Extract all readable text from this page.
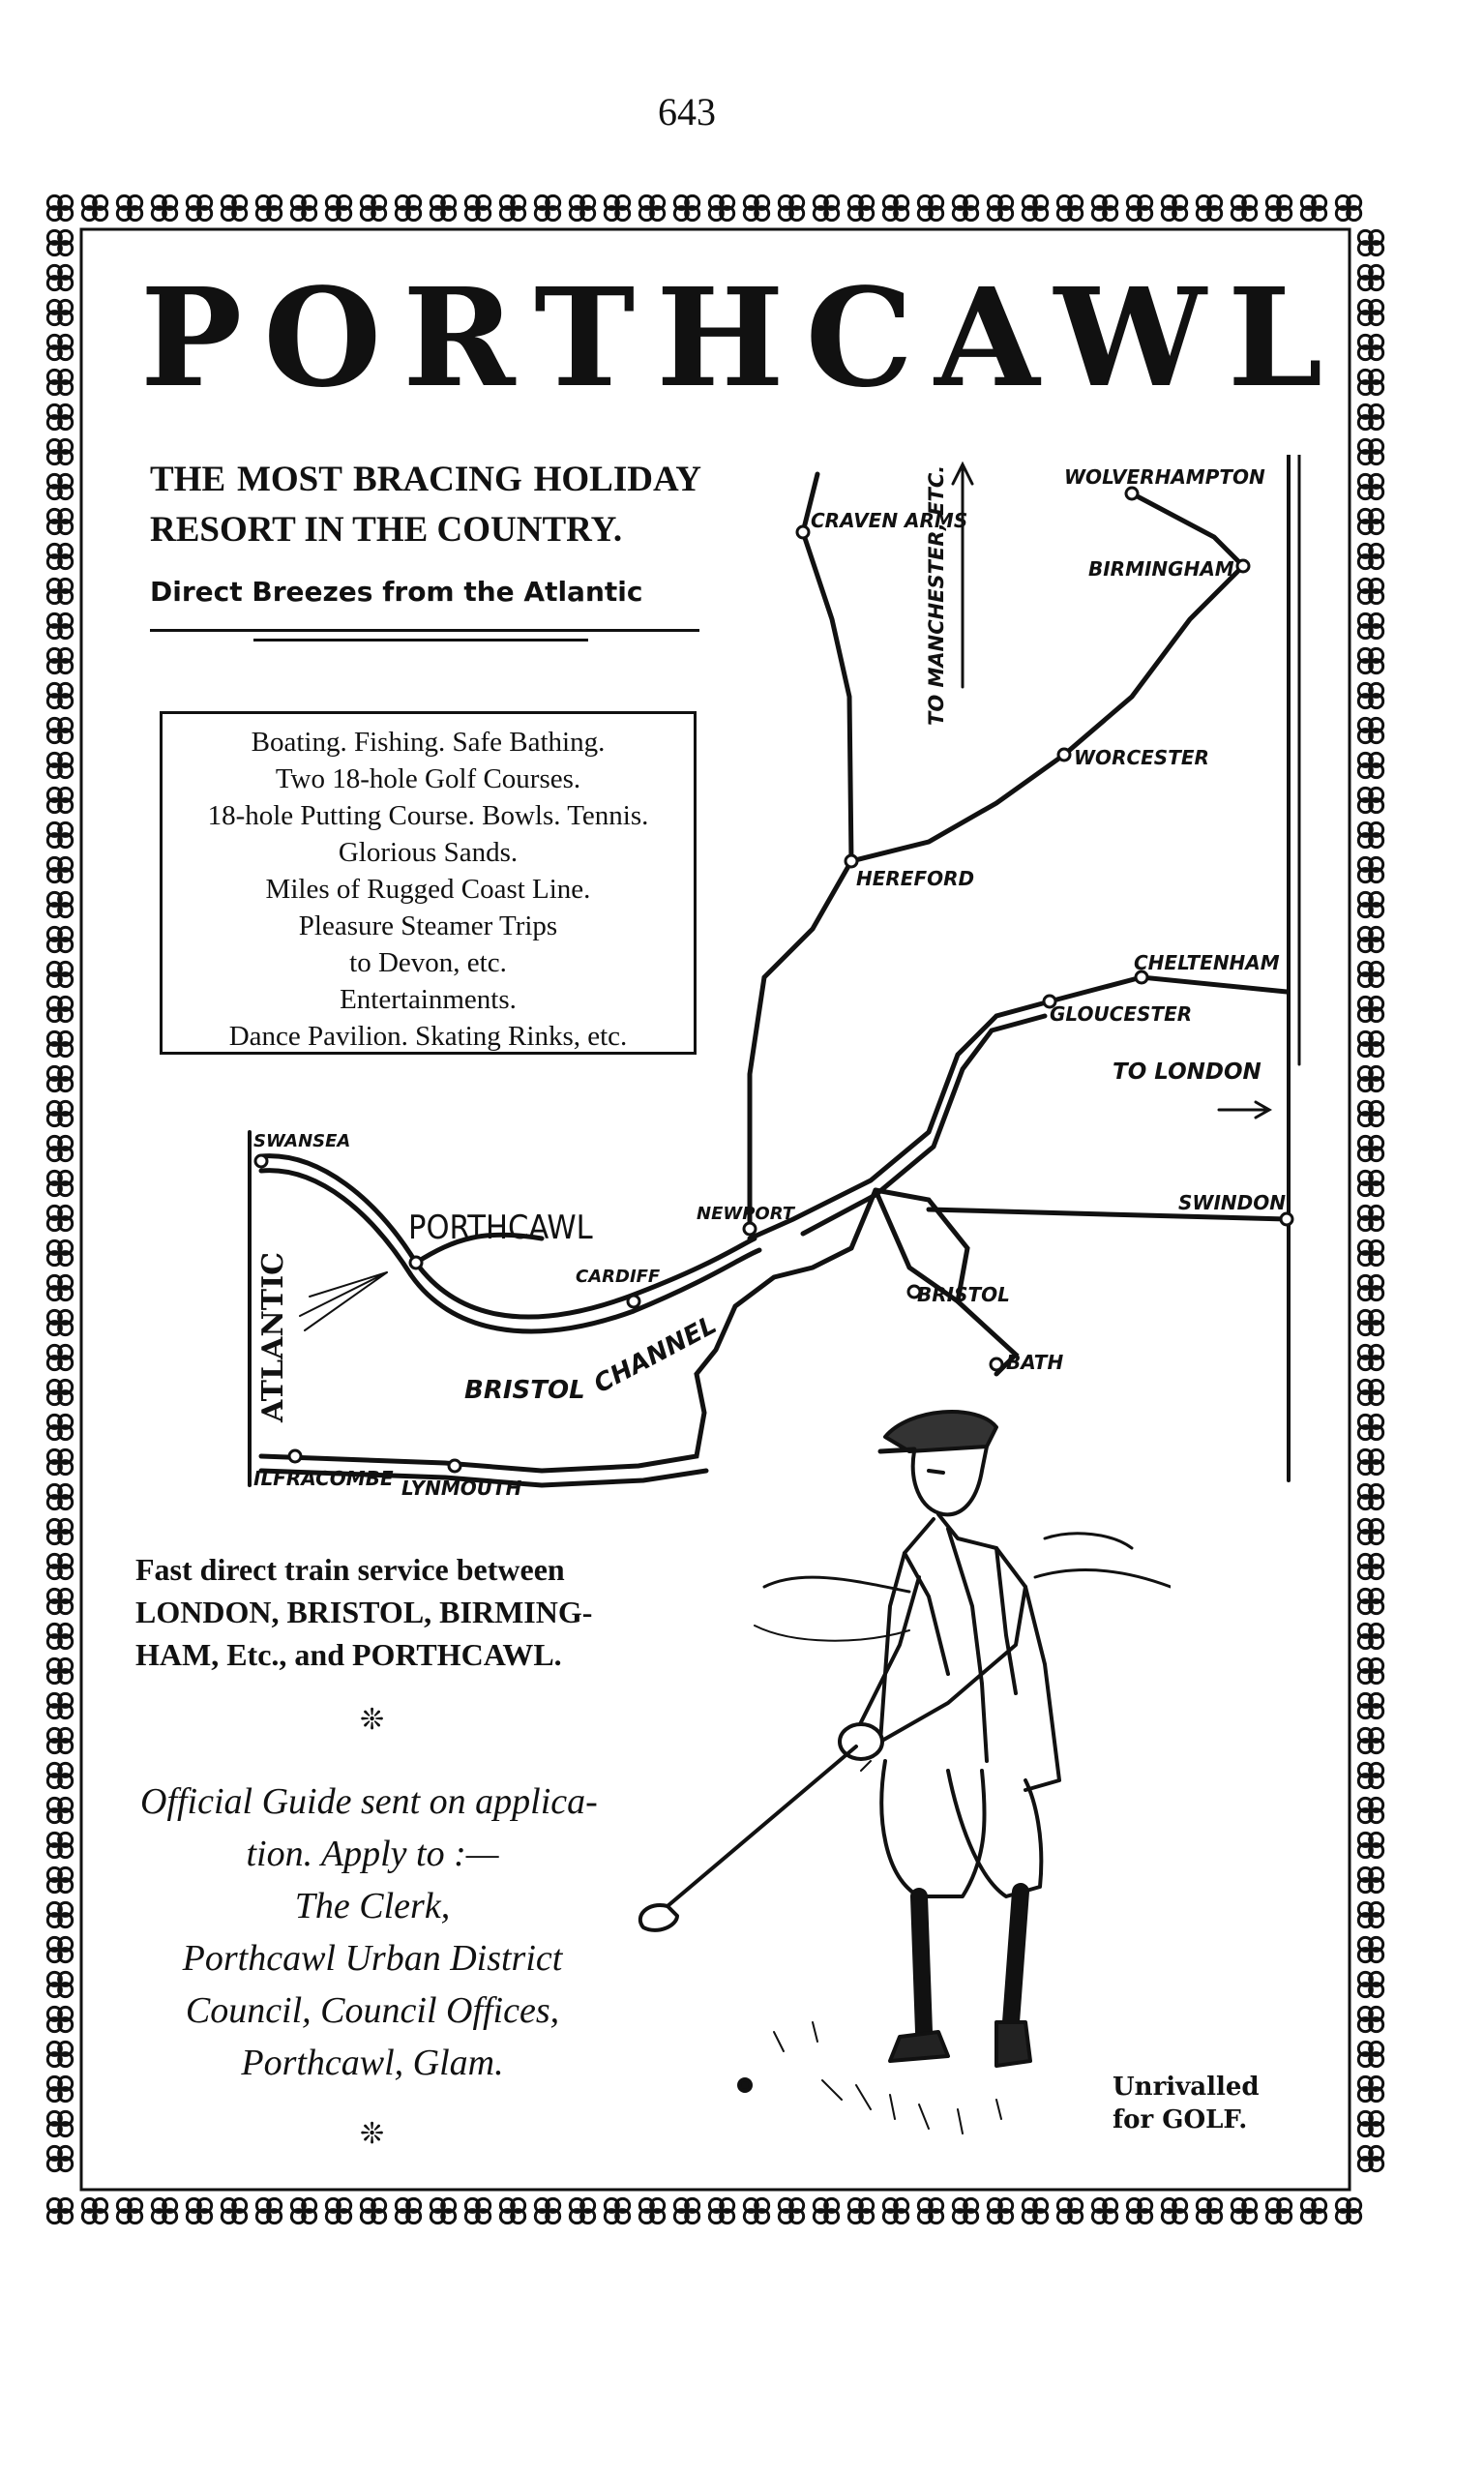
643
PORTHCAWL
THE MOST BRACING HOLIDAY RESORT IN THE COUNTRY.
Direct Breezes from the Atlantic
Boating. Fishing. Safe Bathing.
Two 18-hole Golf Courses.
18-hole Putting Course. Bowls. Tennis.
Glorious Sands.
Miles of Rugged Coast Line.
Pleasure Steamer Trips
to Devon, etc.
Entertainments.
Dance Pavilion. Skating Rinks, etc.
CRAVEN ARMS
WOLVERHAMPTON
BIRMINGHAM
WORCESTER
HEREFORD
CHELTENHAM
GLOUCESTER
SWANSEA
NEWPORT
CARDIFF
BRISTOL
BATH
SWINDON
ILFRACOMBE LYNMOUTH
TO LONDON
BRISTOL CHANNEL
TO MANCHESTER, ETC.
PORTHCAWL
ATLANTIC
Fast direct train service between LONDON, BRISTOL, BIRMING-HAM, Etc., and PORTHCAWL.
❊
Official Guide sent on applica-
tion. Apply to :—
The Clerk,
Porthcawl Urban District
Council, Council Offices,
Porthcawl, Glam.
❊
Unrivalled
for GOLF.
